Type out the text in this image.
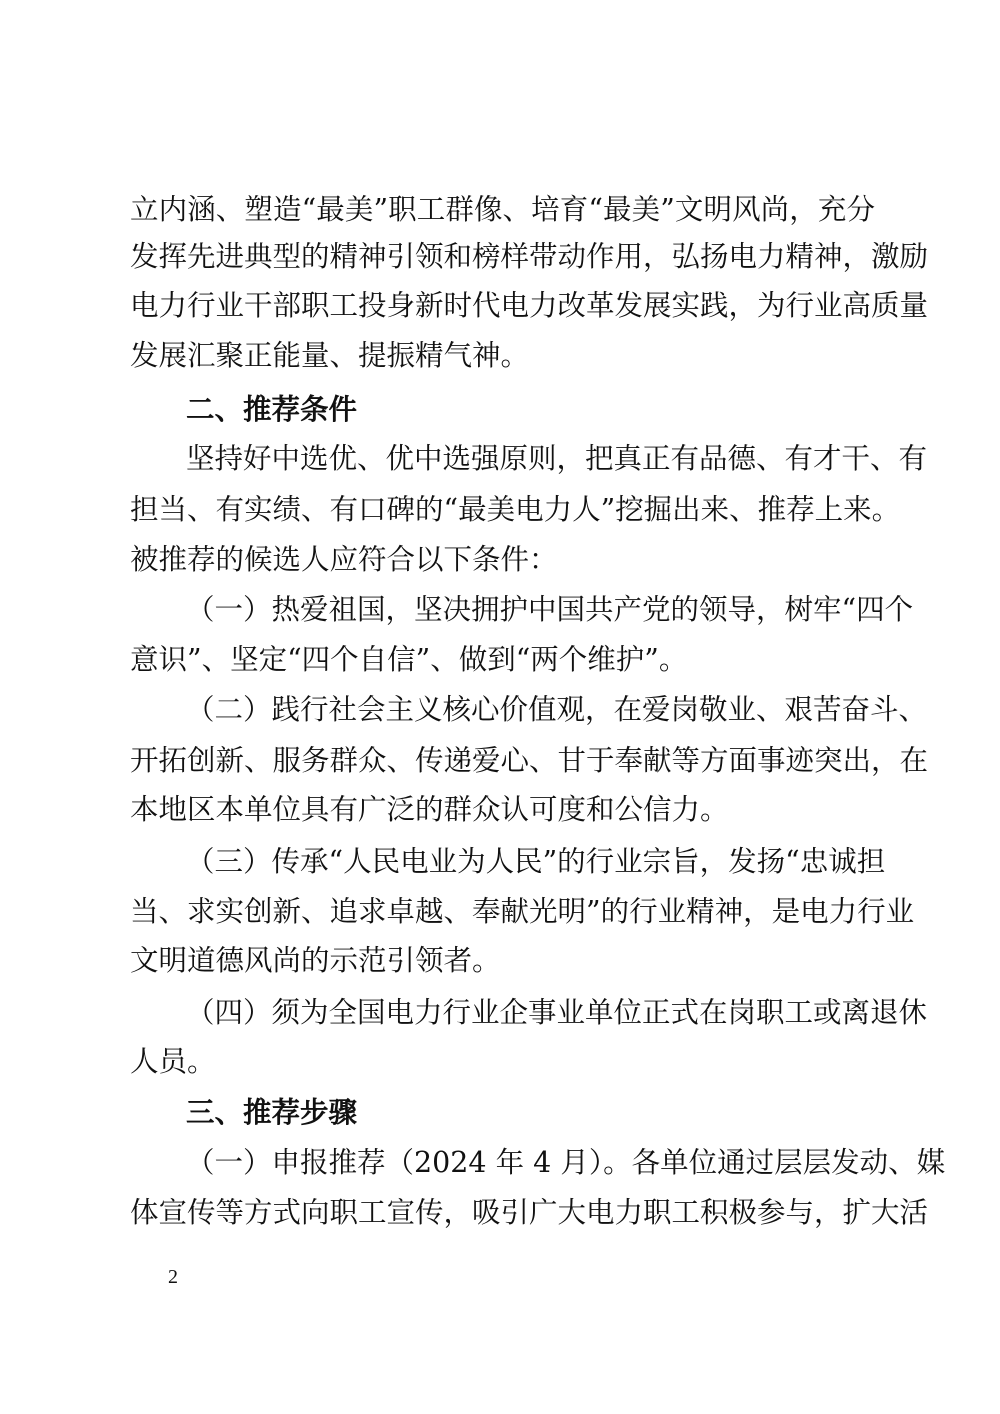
立内涵、塑造“最美”职工群像、培育“最美”文明风尚，充分
发挥先进典型的精神引领和榜样带动作用，弘扬电力精神，激励
电力行业干部职工投身新时代电力改革发展实践，为行业高质量
发展汇聚正能量、提振精气神。
二、推荐条件
坚持好中选优、优中选强原则，把真正有品德、有才干、有
担当、有实绩、有口碑的“最美电力人”挖掘出来、推荐上来。
被推荐的候选人应符合以下条件：
（一）热爱祖国，坚决拥护中国共产党的领导，树牢“四个
意识”、坚定“四个自信”、做到“两个维护”。
（二）践行社会主义核心价值观，在爱岗敬业、艰苦奋斗、
开拓创新、服务群众、传递爱心、甘于奉献等方面事迹突出，在
本地区本单位具有广泛的群众认可度和公信力。
（三）传承“人民电业为人民”的行业宗旨，发扬“忠诚担
当、求实创新、追求卓越、奉献光明”的行业精神，是电力行业
文明道德风尚的示范引领者。
（四）须为全国电力行业企事业单位正式在岗职工或离退休
人员。
三、推荐步骤
（一）申报推荐（2024 年 4 月）。各单位通过层层发动、媒
体宣传等方式向职工宣传，吸引广大电力职工积极参与，扩大活
2
